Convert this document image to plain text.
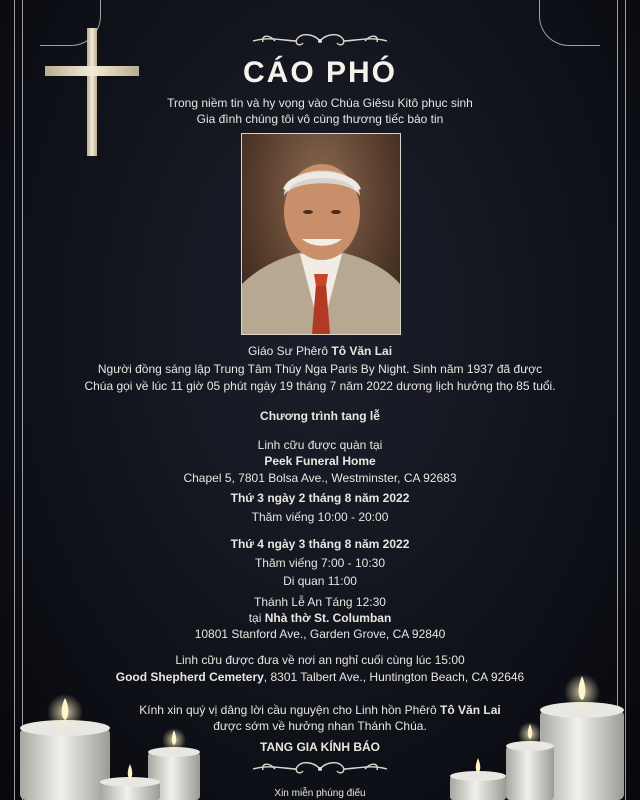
CÁO PHÓ
Trong niềm tin và hy vọng vào Chúa Giêsu Kitô phục sinh
Gia đình chúng tôi vô cùng thương tiếc báo tin
Giáo Sư Phêrô Tô Văn Lai
Người đồng sáng lập Trung Tâm Thúy Nga Paris By Night. Sinh năm 1937 đã được
Chúa gọi về lúc 11 giờ 05 phút ngày 19 tháng 7 năm 2022 dương lịch hưởng thọ 85 tuổi.
Chương trình tang lễ
Linh cữu được quàn tại
Peek Funeral Home
Chapel 5, 7801 Bolsa Ave., Westminster, CA 92683
Thứ 3 ngày 2 tháng 8 năm 2022
Thăm viếng 10:00 - 20:00
Thứ 4 ngày 3 tháng 8 năm 2022
Thăm viếng 7:00 - 10:30
Di quan 11:00
Thánh Lễ An Táng 12:30
tại Nhà thờ St. Columban
10801 Stanford Ave., Garden Grove, CA 92840
Linh cữu được đưa về nơi an nghỉ cuối cùng lúc 15:00
Good Shepherd Cemetery, 8301 Talbert Ave., Huntington Beach, CA 92646
Kính xin quý vị dâng lời cầu nguyện cho Linh hồn Phêrô Tô Văn Lai
được sớm về hưởng nhan Thánh Chúa.
TANG GIA KÍNH BÁO
Xin miễn phúng điếu
